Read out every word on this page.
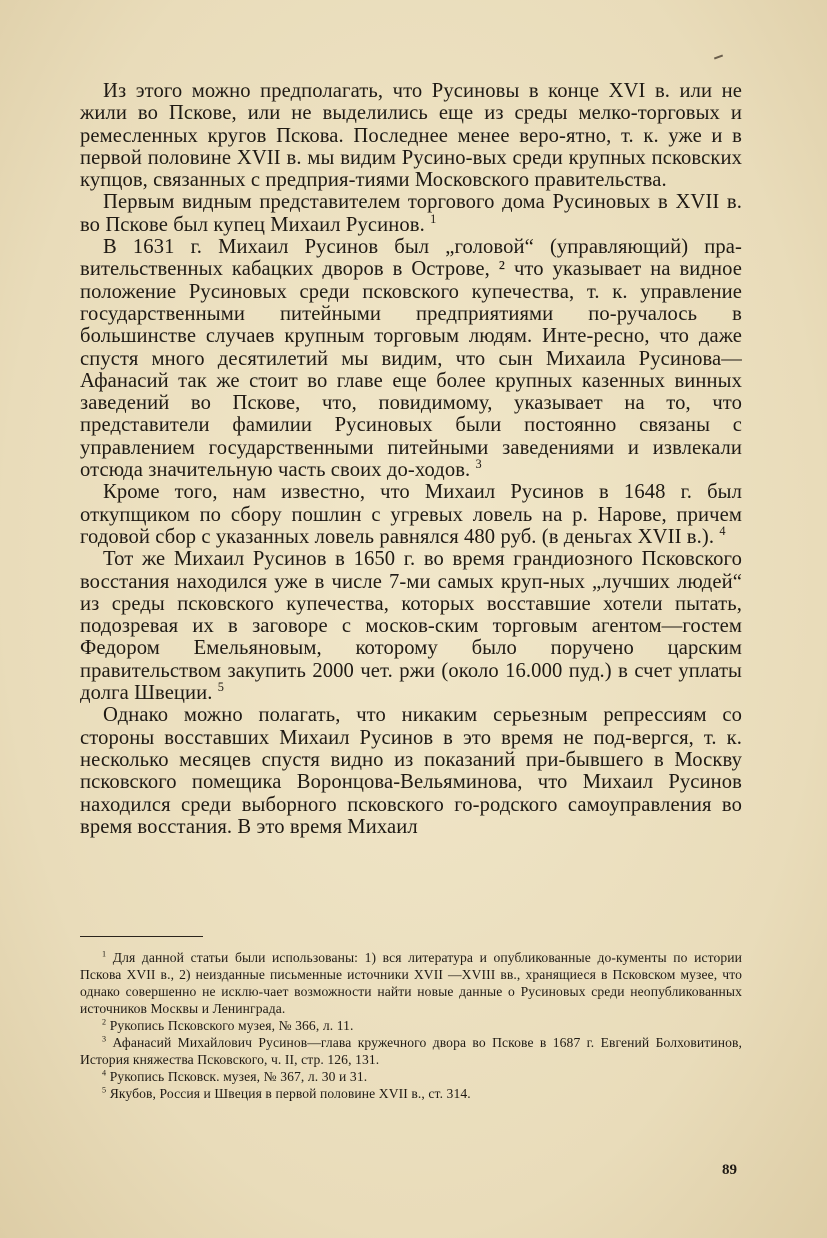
Из этого можно предполагать, что Русиновы в конце XVI в. или не жили во Пскове, или не выделились еще из среды мелко-торговых и ремесленных кругов Пскова. Последнее менее веро-ятно, т. к. уже и в первой половине XVII в. мы видим Русино-вых среди крупных псковских купцов, связанных с предприя-тиями Московского правительства.

Первым видным представителем торгового дома Русиновых в XVII в. во Пскове был купец Михаил Русинов. $^1$

В 1631 г. Михаил Русинов был „головой“ (управляющий) пра-вительственных кабацких дворов в Острове, ² что указывает на видное положение Русиновых среди псковского купечества, т. к. управление государственными питейными предприятиями по-ручалось в большинстве случаев крупным торговым людям. Инте-ресно, что даже спустя много десятилетий мы видим, что сын Михаила Русинова—Афанасий так же стоит во главе еще более крупных казенных винных заведений во Пскове, что, повидимому, указывает на то, что представители фамилии Русиновых были постоянно связаны с управлением государственными питейными заведениями и извлекали отсюда значительную часть своих до-ходов. $^3$

Кроме того, нам известно, что Михаил Русинов в 1648 г. был откупщиком по сбору пошлин с угревых ловель на р. Нарове, причем годовой сбор с указанных ловель равнялся 480 руб. (в деньгах XVII в.). $^4$

Тот же Михаил Русинов в 1650 г. во время грандиозного Псковского восстания находился уже в числе 7-ми самых круп-ных „лучших людей“ из среды псковского купечества, которых восставшие хотели пытать, подозревая их в заговоре с москов-ским торговым агентом—гостем Федором Емельяновым, которому было поручено царским правительством закупить 2000 чет. ржи (около 16.000 пуд.) в счет уплаты долга Швеции. $^5$

Однако можно полагать, что никаким серьезным репрессиям со стороны восставших Михаил Русинов в это время не под-вергся, т. к. несколько месяцев спустя видно из показаний при-бывшего в Москву псковского помещика Воронцова-Вельяминова, что Михаил Русинов находился среди выборного псковского го-родского самоуправления во время восстания. В это время Михаил

$^1$ Для данной статьи были использованы: 1) вся литература и опубликованные до-кументы по истории Пскова XVII в., 2) неизданные письменные источники XVII —XVIII вв., хранящиеся в Псковском музее, что однако совершенно не исклю-чает возможности найти новые данные о Русиновых среди неопубликованных источников Москвы и Ленинграда.

$^2$ Рукопись Псковского музея, № 366, л. 11.

$^3$ Афанасий Михайлович Русинов—глава кружечного двора во Пскове в 1687 г. Евгений Болховитинов, История княжества Псковского, ч. II, стр. 126, 131.

$^4$ Рукопись Псковск. музея, № 367, л. 30 и 31.

$^5$ Якубов, Россия и Швеция в первой половине XVII в., ст. 314.

89
